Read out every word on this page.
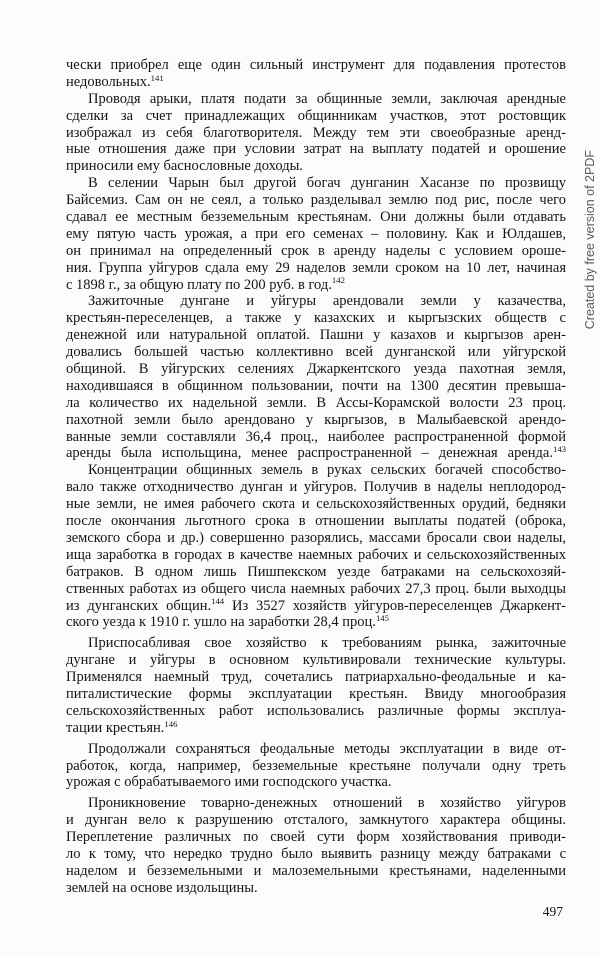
чески приобрел еще один сильный инструмент для подавления протестов
недовольных.$^{141}$
Проводя арыки, платя подати за общинные земли, заключая арендные
сделки за счет принадлежащих общинникам участков, этот ростовщик
изображал из себя благотворителя. Между тем эти своеобразные аренд-
ные отношения даже при условии затрат на выплату податей и орошение
приносили ему баснословные доходы.
В селении Чарын был другой богач дунганин Хасанзе по прозвищу
Байсемиз. Сам он не сеял, а только разделывал землю под рис, после чего
сдавал ее местным безземельным крестьянам. Они должны были отдавать
ему пятую часть урожая, а при его семенах – половину. Как и Юлдашев,
он принимал на определенный срок в аренду наделы с условием ороше-
ния. Группа уйгуров сдала ему 29 наделов земли сроком на 10 лет, начиная
с 1898 г., за общую плату по 200 руб. в год.$^{142}$
Зажиточные дунгане и уйгуры арендовали земли у казачества,
крестьян-переселенцев, а также у казахских и кыргызских обществ с
денежной или натуральной оплатой. Пашни у казахов и кыргызов арен-
довались большей частью коллективно всей дунганской или уйгурской
общиной. В уйгурских селениях Джаркентского уезда пахотная земля,
находившаяся в общинном пользовании, почти на 1300 десятин превыша-
ла количество их надельной земли. В Ассы-Корамской волости 23 проц.
пахотной земли было арендовано у кыргызов, в Малыбаевской арендо-
ванные земли составляли 36,4 проц., наиболее распространенной формой
аренды была испольщина, менее распространенной – денежная аренда.$^{143}$
Концентрации общинных земель в руках сельских богачей способство-
вало также отходничество дунган и уйгуров. Получив в наделы неплодород-
ные земли, не имея рабочего скота и сельскохозяйственных орудий, бедняки
после окончания льготного срока в отношении выплаты податей (оброка,
земского сбора и др.) совершенно разорялись, массами бросали свои наделы,
ища заработка в городах в качестве наемных рабочих и сельскохозяйственных
батраков. В одном лишь Пишпекском уезде батраками на сельскохозяй-
ственных работах из общего числа наемных рабочих 27,3 проц. были выходцы
из дунганских общин.$^{144}$ Из 3527 хозяйств уйгуров-переселенцев Джаркент-
ского уезда к 1910 г. ушло на заработки 28,4 проц.$^{145}$
Приспосабливая свое хозяйство к требованиям рынка, зажиточные
дунгане и уйгуры в основном культивировали технические культуры.
Применялся наемный труд, сочетались патриархально-феодальные и ка-
питалистические формы эксплуатации крестьян. Ввиду многообразия
сельскохозяйственных работ использовались различные формы эксплуа-
тации крестьян.$^{146}$
Продолжали сохраняться феодальные методы эксплуатации в виде от-
работок, когда, например, безземельные крестьяне получали одну треть
урожая с обрабатываемого ими господского участка.
Проникновение товарно-денежных отношений в хозяйство уйгуров
и дунган вело к разрушению отсталого, замкнутого характера общины.
Переплетение различных по своей сути форм хозяйствования приводи-
ло к тому, что нередко трудно было выявить разницу между батраками с
наделом и безземельными и малоземельными крестьянами, наделенными
землей на основе издольщины.
Created by free version of 2PDF
497
